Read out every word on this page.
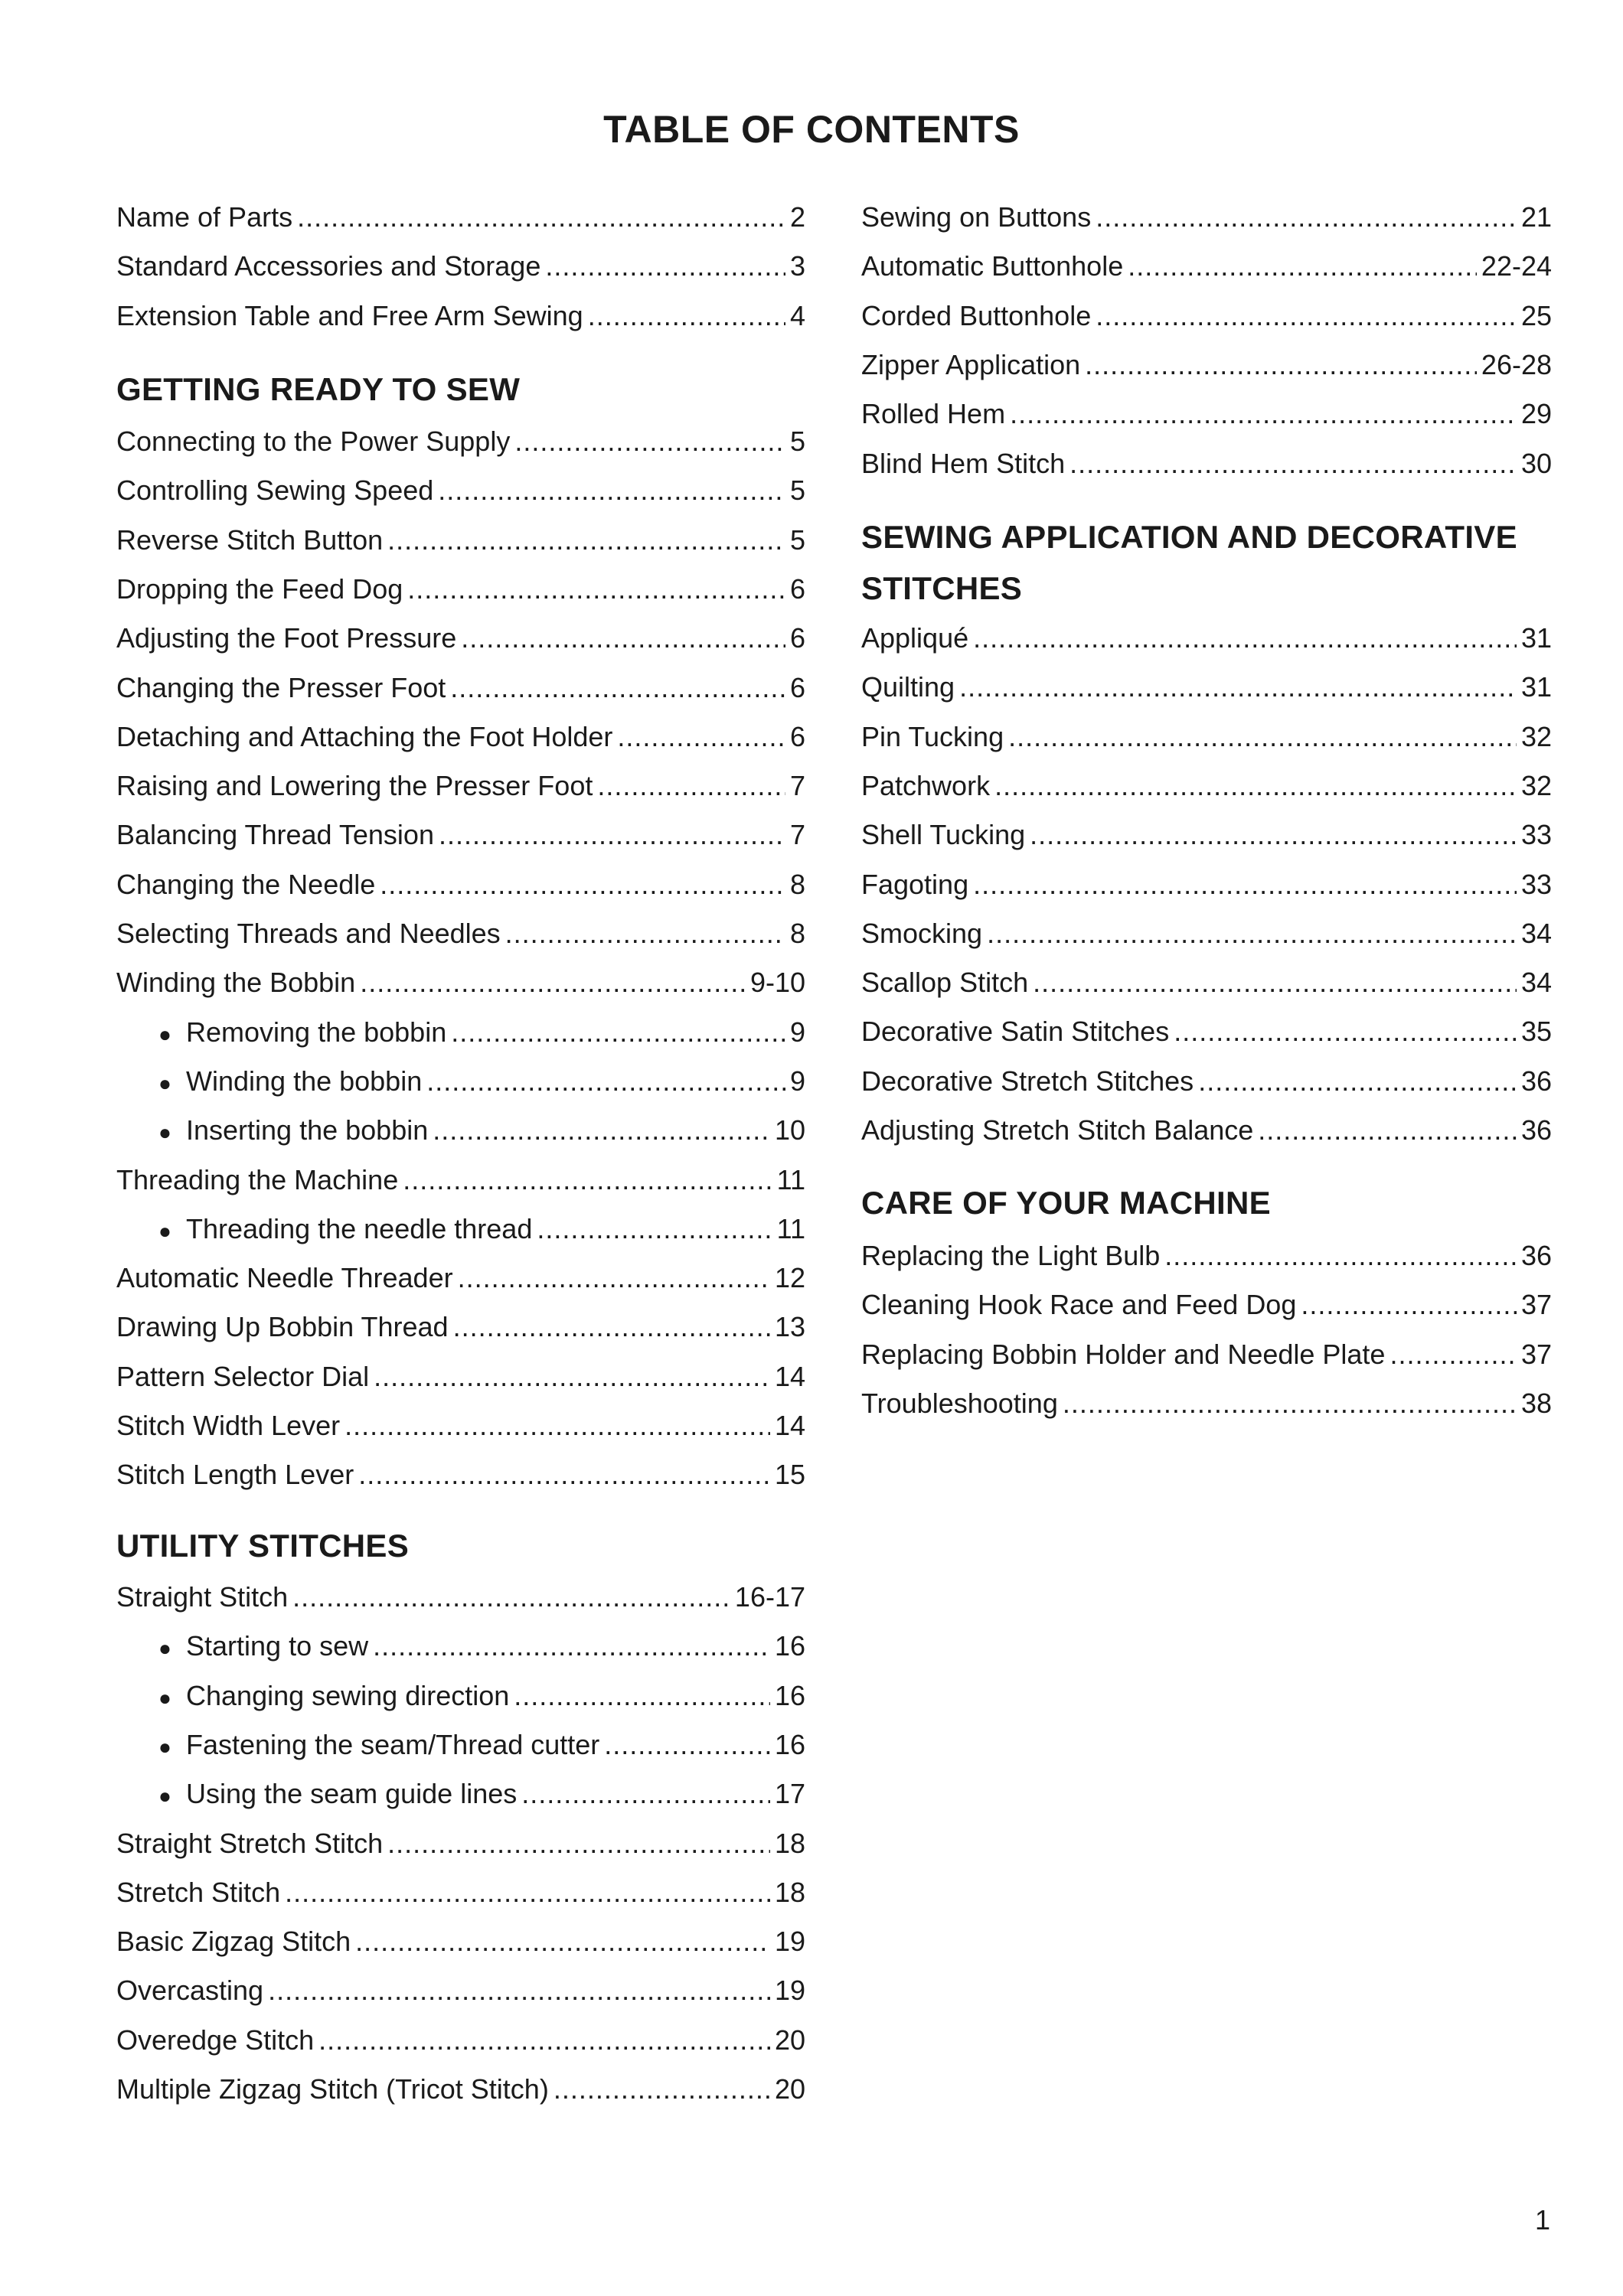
TABLE OF CONTENTS
Name of Parts .....	2
Standard Accessories and Storage .....	3
Extension Table and Free Arm Sewing .....	4
GETTING READY TO SEW
Connecting to the Power Supply .....	5
Controlling Sewing Speed .....	5
Reverse Stitch Button .....	5
Dropping the Feed Dog .....	6
Adjusting the Foot Pressure .....	6
Changing the Presser Foot .....	6
Detaching and Attaching the Foot Holder .....	6
Raising and Lowering the Presser Foot .....	7
Balancing Thread Tension .....	7
Changing the Needle .....	8
Selecting Threads and Needles .....	8
Winding the Bobbin .....	9-10
● Removing the bobbin .....	9
● Winding the bobbin .....	9
● Inserting the bobbin .....	10
Threading the Machine .....	11
● Threading the needle thread .....	11
Automatic Needle Threader .....	12
Drawing Up Bobbin Thread .....	13
Pattern Selector Dial .....	14
Stitch Width Lever .....	14
Stitch Length Lever .....	15
UTILITY STITCHES
Straight Stitch .....	16-17
● Starting to sew .....	16
● Changing sewing direction .....	16
● Fastening the seam/Thread cutter .....	16
● Using the seam guide lines .....	17
Straight Stretch Stitch .....	18
Stretch Stitch .....	18
Basic Zigzag Stitch .....	19
Overcasting .....	19
Overedge Stitch .....	20
Multiple Zigzag Stitch (Tricot Stitch) .....	20
Sewing on Buttons .....	21
Automatic Buttonhole .....	22-24
Corded Buttonhole .....	25
Zipper Application .....	26-28
Rolled Hem .....	29
Blind Hem Stitch .....	30
SEWING APPLICATION AND DECORATIVE
STITCHES
Appliqué .....	31
Quilting .....	31
Pin Tucking .....	32
Patchwork .....	32
Shell Tucking .....	33
Fagoting .....	33
Smocking .....	34
Scallop Stitch .....	34
Decorative Satin Stitches .....	35
Decorative Stretch Stitches .....	36
Adjusting Stretch Stitch Balance .....	36
CARE OF YOUR MACHINE
Replacing the Light Bulb .....	36
Cleaning Hook Race and Feed Dog .....	37
Replacing Bobbin Holder and Needle Plate .....	37
Troubleshooting .....	38
1
